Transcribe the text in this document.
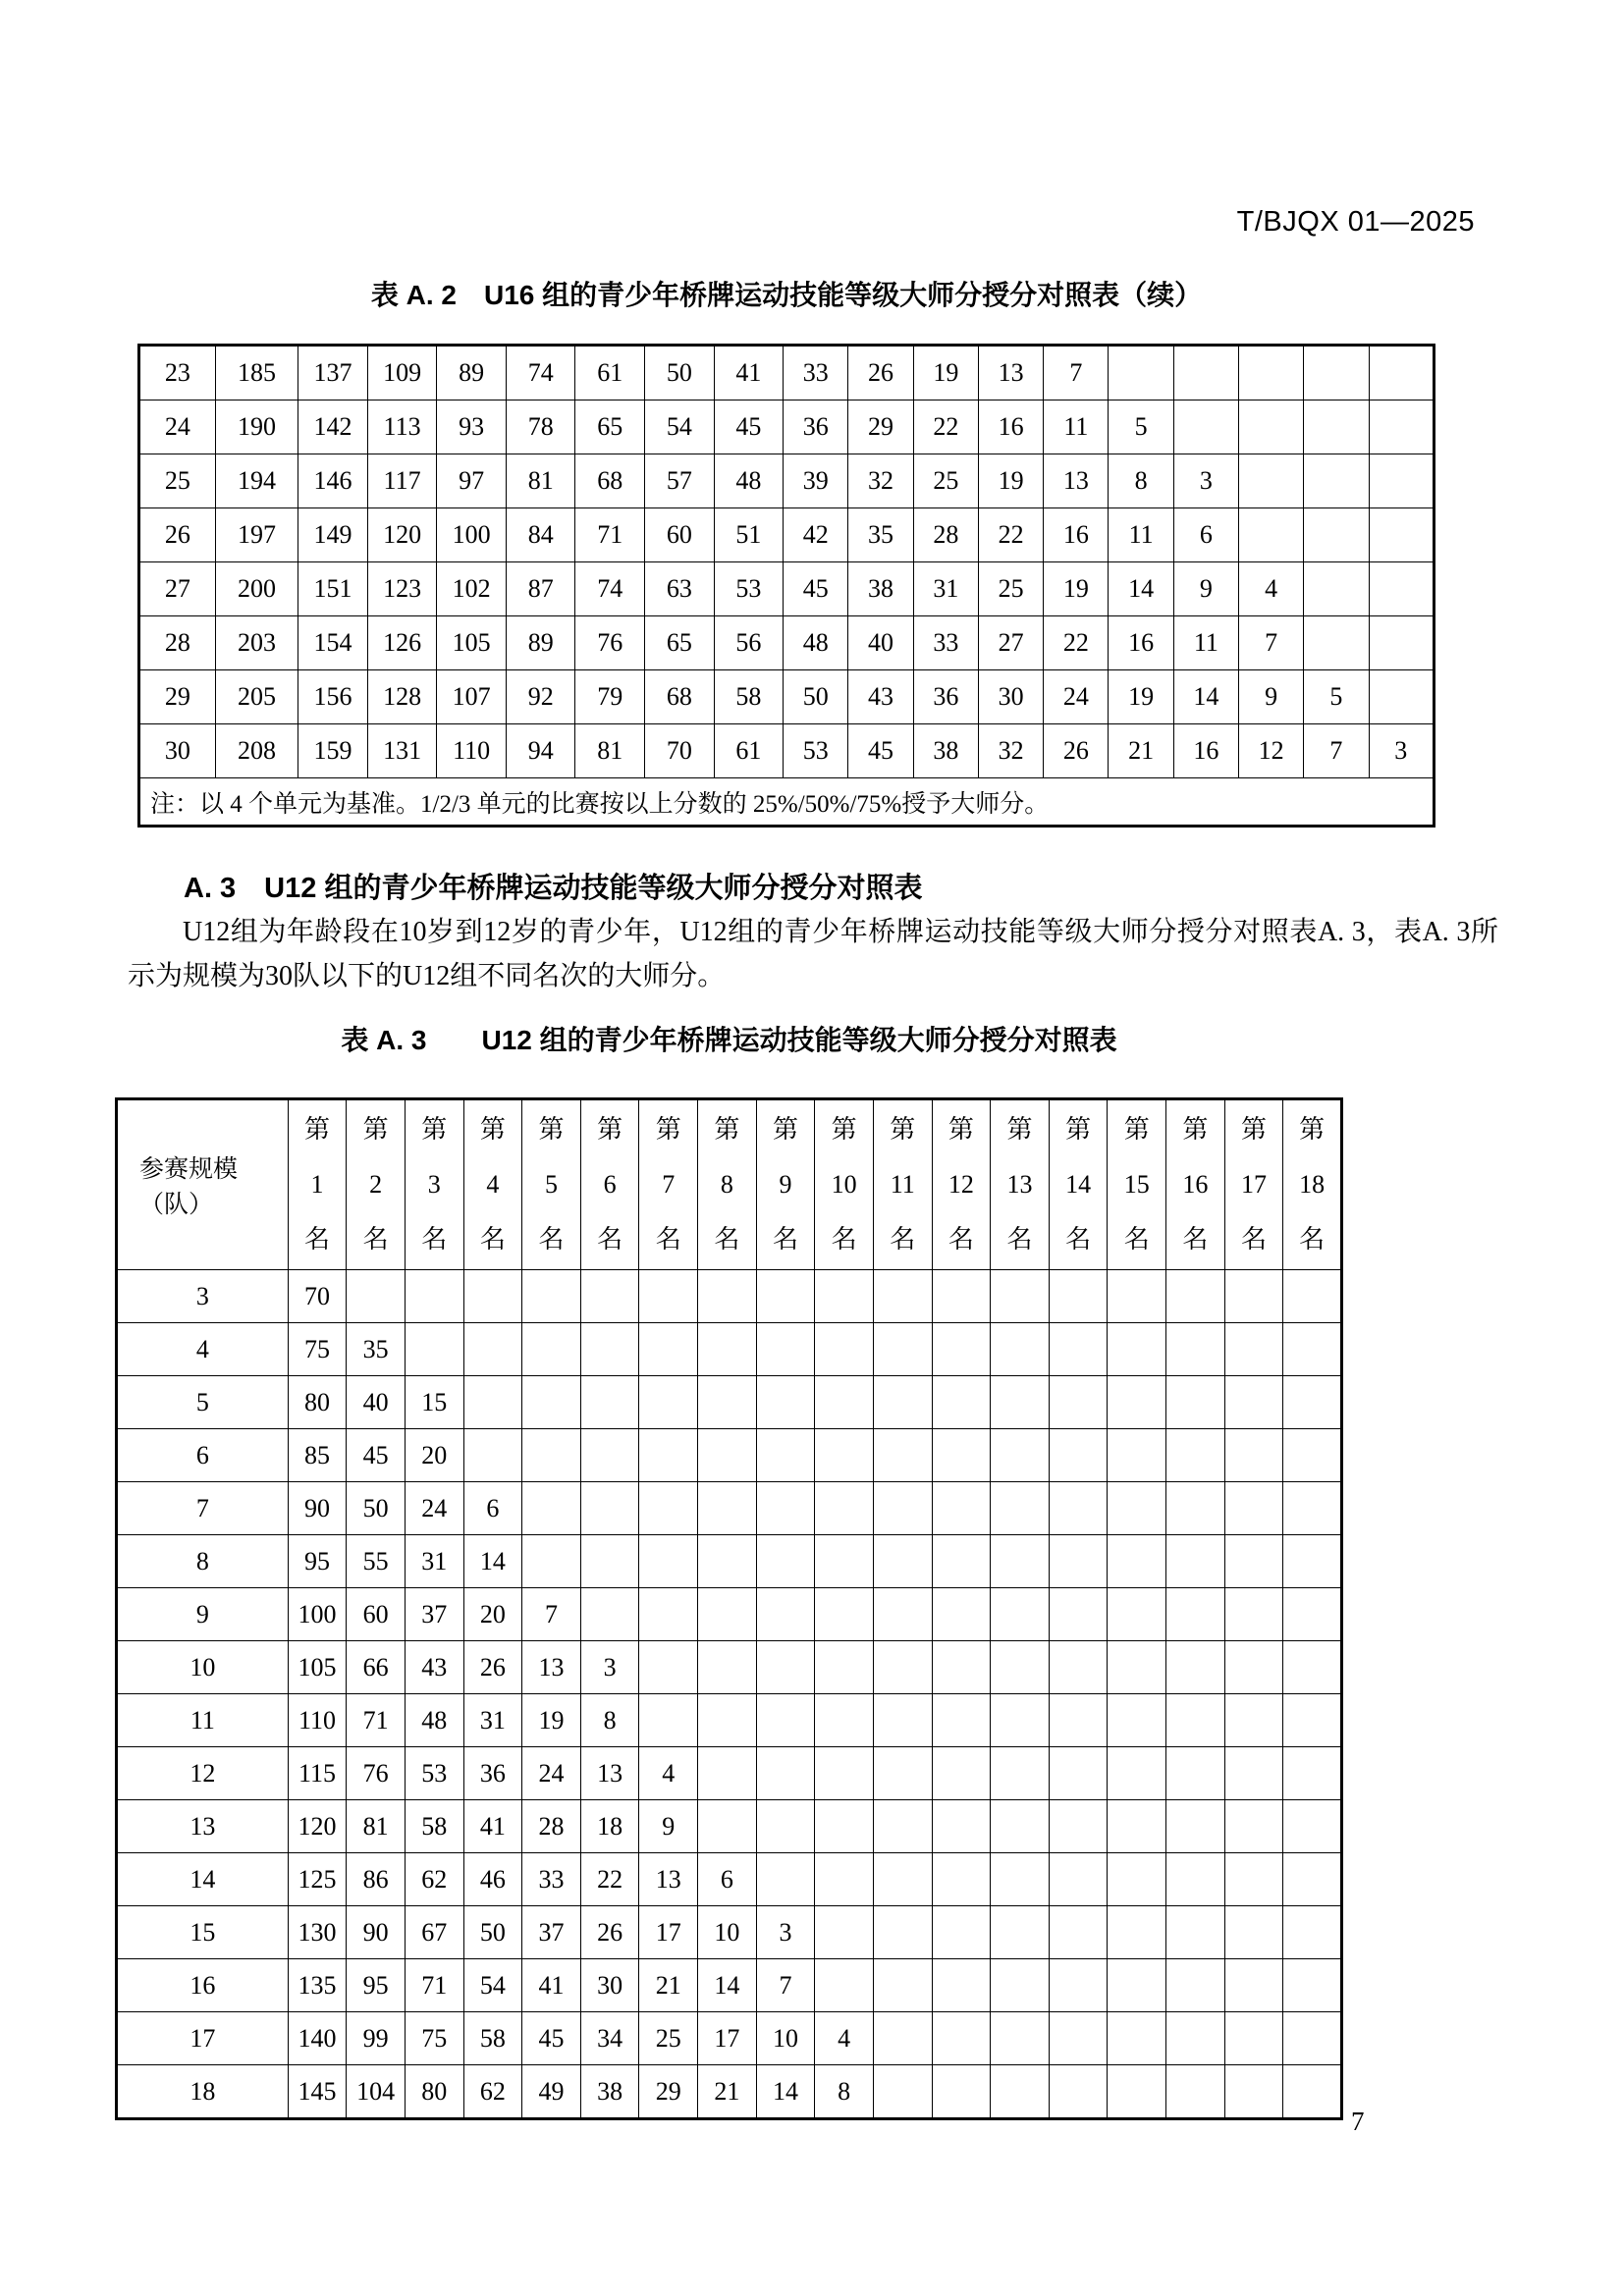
T/BJQX 01—2025
表 A. 2　U16 组的青少年桥牌运动技能等级大师分授分对照表（续）
23	185	137	109	89	74	61	50	41	33	26	19	13	7					
24	190	142	113	93	78	65	54	45	36	29	22	16	11	5				
25	194	146	117	97	81	68	57	48	39	32	25	19	13	8	3			
26	197	149	120	100	84	71	60	51	42	35	28	22	16	11	6			
27	200	151	123	102	87	74	63	53	45	38	31	25	19	14	9	4		
28	203	154	126	105	89	76	65	56	48	40	33	27	22	16	11	7		
29	205	156	128	107	92	79	68	58	50	43	36	30	24	19	14	9	5	
30	208	159	131	110	94	81	70	61	53	45	38	32	26	21	16	12	7	3
注：以 4 个单元为基准。1/2/3 单元的比赛按以上分数的 25%/50%/75%授予大师分。																		
A. 3　U12 组的青少年桥牌运动技能等级大师分授分对照表

U12组为年龄段在10岁到12岁的青少年，U12组的青少年桥牌运动技能等级大师分授分对照表A. 3，表A. 3所示为规模为30队以下的U12组不同名次的大师分。

表 A. 3　　U12 组的青少年桥牌运动技能等级大师分授分对照表
参赛规模（队）	第
1
名	第
2
名	第
3
名	第
4
名	第
5
名	第
6
名	第
7
名	第
8
名	第
9
名	第
10
名	第
11
名	第
12
名	第
13
名	第
14
名	第
15
名	第
16
名	第
17
名	第
18
名

3	70																	
4	75	35																
5	80	40	15															
6	85	45	20															
7	90	50	24	6														
8	95	55	31	14														
9	100	60	37	20	7													
10	105	66	43	26	13	3												
11	110	71	48	31	19	8												
12	115	76	53	36	24	13	4											
13	120	81	58	41	28	18	9											
14	125	86	62	46	33	22	13	6										
15	130	90	67	50	37	26	17	10	3									
16	135	95	71	54	41	30	21	14	7									
17	140	99	75	58	45	34	25	17	10	4								
18	145	104	80	62	49	38	29	21	14	8								
7
